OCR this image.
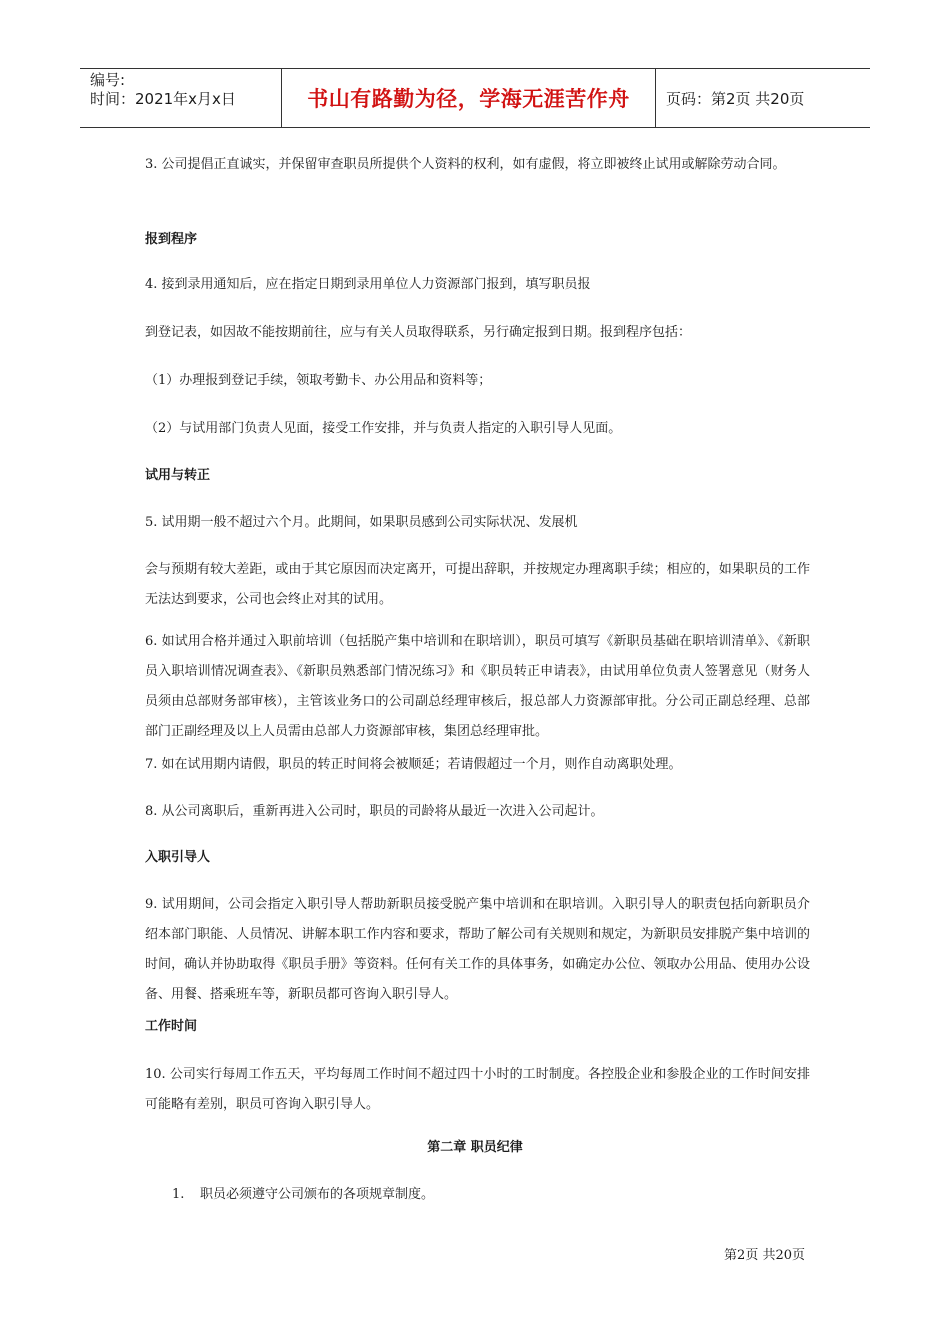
编号:
时间：2021年x月x日	书山有路勤为径，学海无涯苦作舟	页码：第2页 共20页

3. 公司提倡正直诚实，并保留审查职员所提供个人资料的权利，如有虚假，将立即被终止试用或解除劳动合同。

报到程序

4. 接到录用通知后，应在指定日期到录用单位人力资源部门报到，填写职员报

到登记表，如因故不能按期前往，应与有关人员取得联系，另行确定报到日期。报到程序包括：

（1）办理报到登记手续，领取考勤卡、办公用品和资料等；

（2）与试用部门负责人见面，接受工作安排，并与负责人指定的入职引导人见面。

试用与转正

5. 试用期一般不超过六个月。此期间，如果职员感到公司实际状况、发展机

会与预期有较大差距，或由于其它原因而决定离开，可提出辞职，并按规定办理离职手续；相应的，如果职员的工作无法达到要求，公司也会终止对其的试用。

6. 如试用合格并通过入职前培训（包括脱产集中培训和在职培训），职员可填写《新职员基础在职培训清单》、《新职员入职培训情况调查表》、《新职员熟悉部门情况练习》和《职员转正申请表》，由试用单位负责人签署意见（财务人员须由总部财务部审核），主管该业务口的公司副总经理审核后，报总部人力资源部审批。分公司正副总经理、总部部门正副经理及以上人员需由总部人力资源部审核，集团总经理审批。

7. 如在试用期内请假，职员的转正时间将会被顺延；若请假超过一个月，则作自动离职处理。

8. 从公司离职后，重新再进入公司时，职员的司龄将从最近一次进入公司起计。

入职引导人

9. 试用期间，公司会指定入职引导人帮助新职员接受脱产集中培训和在职培训。入职引导人的职责包括向新职员介绍本部门职能、人员情况、讲解本职工作内容和要求，帮助了解公司有关规则和规定，为新职员安排脱产集中培训的时间，确认并协助取得《职员手册》等资料。任何有关工作的具体事务，如确定办公位、领取办公用品、使用办公设备、用餐、搭乘班车等，新职员都可咨询入职引导人。

工作时间

10. 公司实行每周工作五天，平均每周工作时间不超过四十小时的工时制度。各控股企业和参股企业的工作时间安排可能略有差别，职员可咨询入职引导人。

第二章 职员纪律
1. 职员必须遵守公司颁布的各项规章制度。
第2页 共20页
